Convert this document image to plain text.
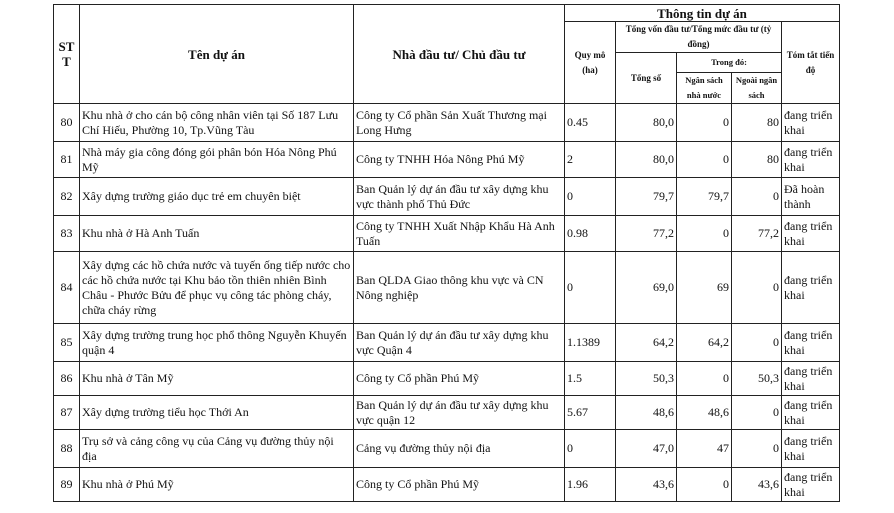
ST T	Tên dự án	Nhà đầu tư/ Chủ đầu tư	Thông tin dự án				
			Quy mô (ha)	Tổng vốn đầu tư/Tổng mức đầu tư (tỷ đồng)			Tóm tắt tiến độ
				Tổng số	Trong đó:		
					Ngân sách nhà nước	Ngoài ngân sách	
80	Khu nhà ở cho cán bộ công nhân viên tại Số 187 Lưu Chí Hiếu, Phường 10, Tp.Vũng Tàu	Công ty Cổ phần Sản Xuất Thương mại Long Hưng	0.45	80,0	0	80	đang triển khai
81	Nhà máy gia công đóng gói phân bón Hóa Nông Phú Mỹ	Công ty TNHH Hóa Nông Phú Mỹ	2	80,0	0	80	đang triển khai
82	Xây dựng trường giáo dục trẻ em chuyên biệt	Ban Quản lý dự án đầu tư xây dựng khu vực thành phố Thủ Đức	0	79,7	79,7	0	Đã hoàn thành
83	Khu nhà ở Hà Anh Tuấn	Công ty TNHH Xuất Nhập Khẩu Hà Anh Tuấn	0.98	77,2	0	77,2	đang triển khai
84	Xây dựng các hồ chứa nước và tuyến ống tiếp nước cho các hồ chứa nước tại Khu bảo tồn thiên nhiên Bình Châu - Phước Bửu để phục vụ công tác phòng cháy, chữa cháy rừng	Ban QLDA Giao thông khu vực và CN Nông nghiệp	0	69,0	69	0	đang triển khai
85	Xây dựng trường trung học phổ thông Nguyễn Khuyến quận 4	Ban Quản lý dự án đầu tư xây dựng khu vực Quận 4	1.1389	64,2	64,2	0	đang triển khai
86	Khu nhà ở Tân Mỹ	Công ty Cổ phần Phú Mỹ	1.5	50,3	0	50,3	đang triển khai
87	Xây dựng trường tiểu học Thới An	Ban Quản lý dự án đầu tư xây dựng khu vực quận 12	5.67	48,6	48,6	0	đang triển khai
88	Trụ sở và cảng công vụ của Cảng vụ đường thủy nội địa	Cảng vụ đường thủy nội địa	0	47,0	47	0	đang triển khai
89	Khu nhà ở Phú Mỹ	Công ty Cổ phần Phú Mỹ	1.96	43,6	0	43,6	đang triển khai
